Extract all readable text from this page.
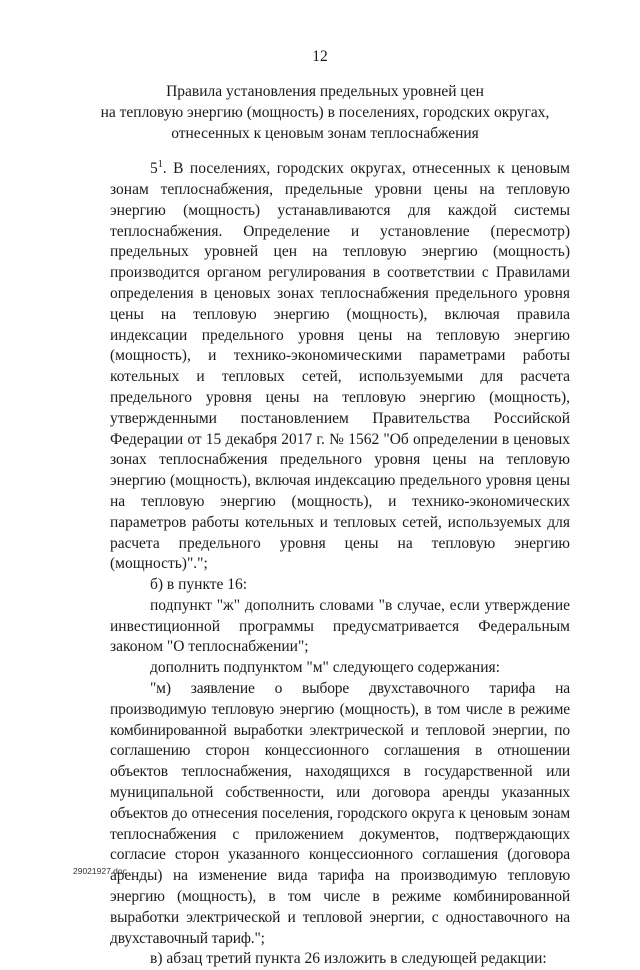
12
Правила установления предельных уровней цен
на тепловую энергию (мощность) в поселениях, городских округах,
отнесенных к ценовым зонам теплоснабжения

$5^1$. В поселениях, городских округах, отнесенных к ценовым зонам теплоснабжения, предельные уровни цены на тепловую энергию (мощность) устанавливаются для каждой системы теплоснабжения. Определение и установление (пересмотр) предельных уровней цен на тепловую энергию (мощность) производится органом регулирования в соответствии с Правилами определения в ценовых зонах теплоснабжения предельного уровня цены на тепловую энергию (мощность), включая правила индексации предельного уровня цены на тепловую энергию (мощность), и технико-экономическими параметрами работы котельных и тепловых сетей, используемыми для расчета предельного уровня цены на тепловую энергию (мощность), утвержденными постановлением Правительства Российской Федерации от 15 декабря 2017 г. № 1562 "Об определении в ценовых зонах теплоснабжения предельного уровня цены на тепловую энергию (мощность), включая индексацию предельного уровня цены на тепловую энергию (мощность), и технико-экономических параметров работы котельных и тепловых сетей, используемых для расчета предельного уровня цены на тепловую энергию (мощность)".";

б) в пункте 16:

подпункт "ж" дополнить словами "в случае, если утверждение инвестиционной программы предусматривается Федеральным законом "О теплоснабжении";

дополнить подпунктом "м" следующего содержания:

"м) заявление о выборе двухставочного тарифа на производимую тепловую энергию (мощность), в том числе в режиме комбинированной выработки электрической и тепловой энергии, по соглашению сторон концессионного соглашения в отношении объектов теплоснабжения, находящихся в государственной или муниципальной собственности, или договора аренды указанных объектов до отнесения поселения, городского округа к ценовым зонам теплоснабжения с приложением документов, подтверждающих согласие сторон указанного концессионного соглашения (договора аренды) на изменение вида тарифа на производимую тепловую энергию (мощность), в том числе в режиме комбинированной выработки электрической и тепловой энергии, с одноставочного на двухставочный тариф.";

в) абзац третий пункта 26 изложить в следующей редакции:

29021927.doc
